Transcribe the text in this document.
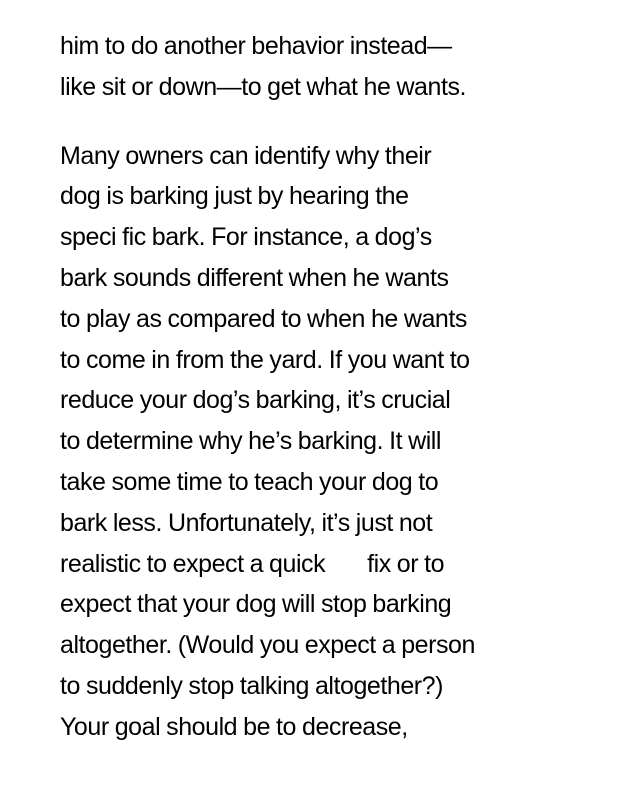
him to do another behavior instead—
like sit or down—to get what he wants.

Many owners can identify why their
dog is barking just by hearing the
speci fic bark. For instance, a dog’s
bark sounds different when he wants
to play as compared to when he wants
to come in from the yard. If you want to
reduce your dog’s barking, it’s crucial
to determine why he’s barking. It will
take some time to teach your dog to
bark less. Unfortunately, it’s just not
realistic to expect a quick       fix or to
expect that your dog will stop barking
altogether. (Would you expect a person
to suddenly stop talking altogether?)
Your goal should be to decrease,
